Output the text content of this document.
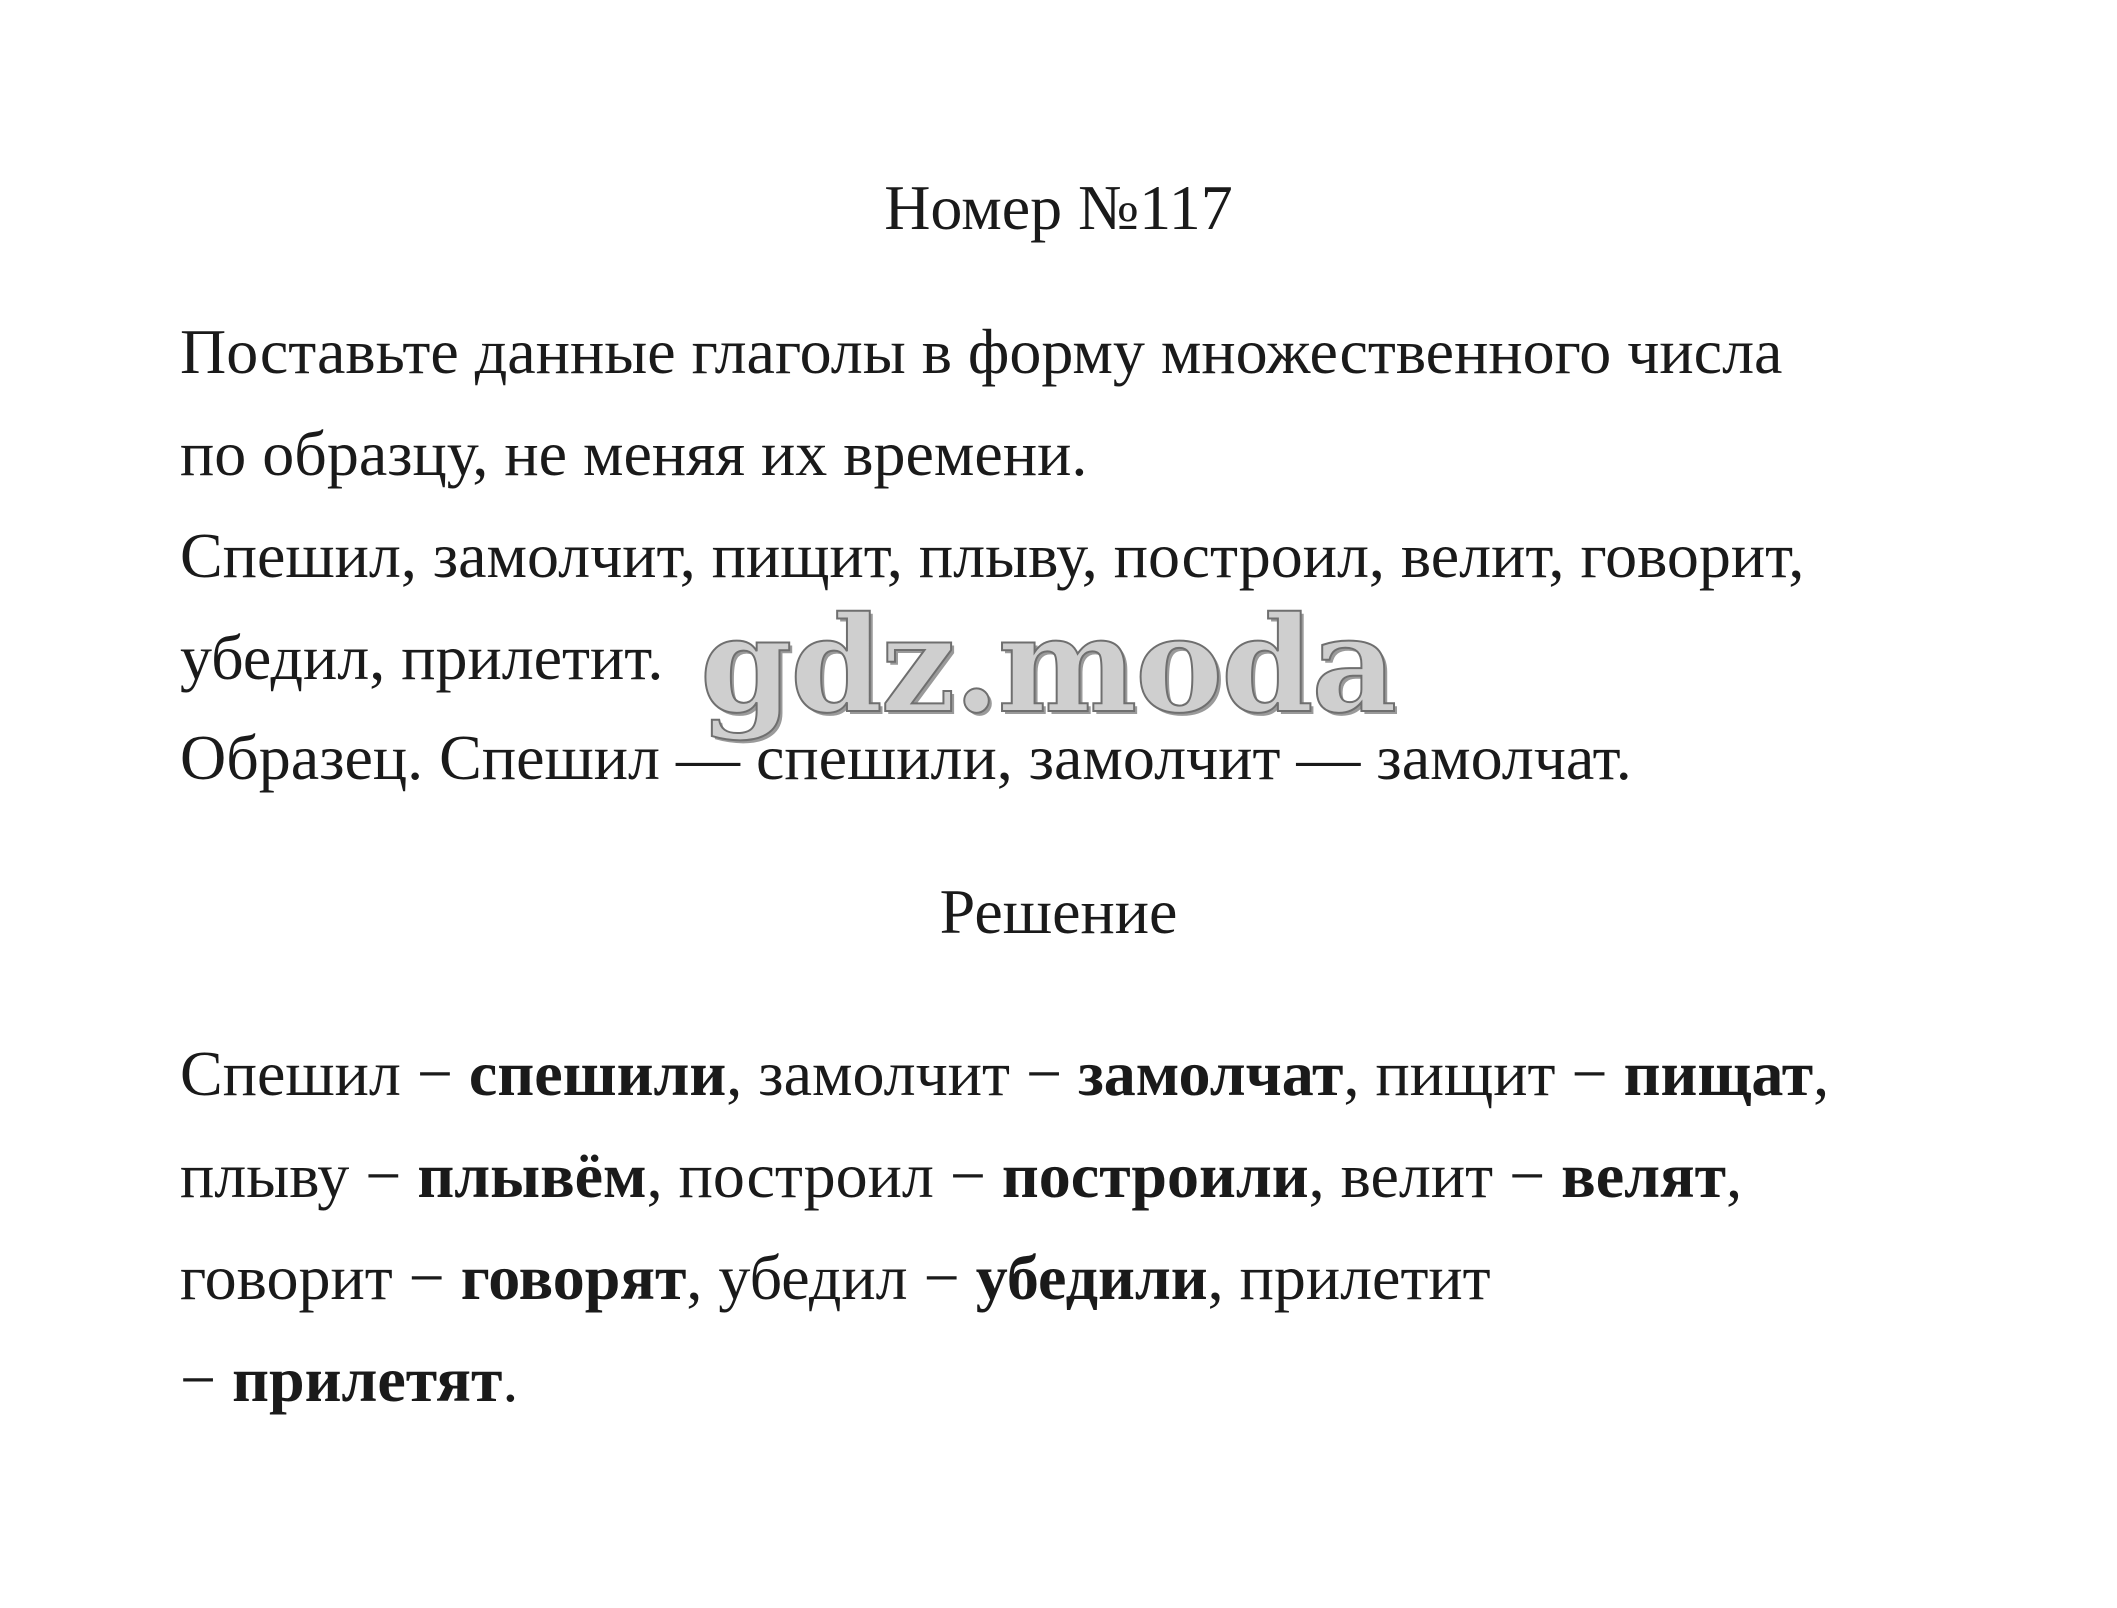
Номер №117
Поставьте данные глаголы в форму множественного числа
по образцу, не меняя их времени.
Спешил, замолчит, пищит, плыву, построил, велит, говорит,
убедил, прилетит.
Образец. Спешил — спешили, замолчит — замолчат.
gdz.moda
Решение
Спешил − спешили, замолчит − замолчат, пищит − пищат,
плыву − плывём, построил − построили, велит − велят,
говорит − говорят, убедил − убедили, прилетит
− прилетят.
